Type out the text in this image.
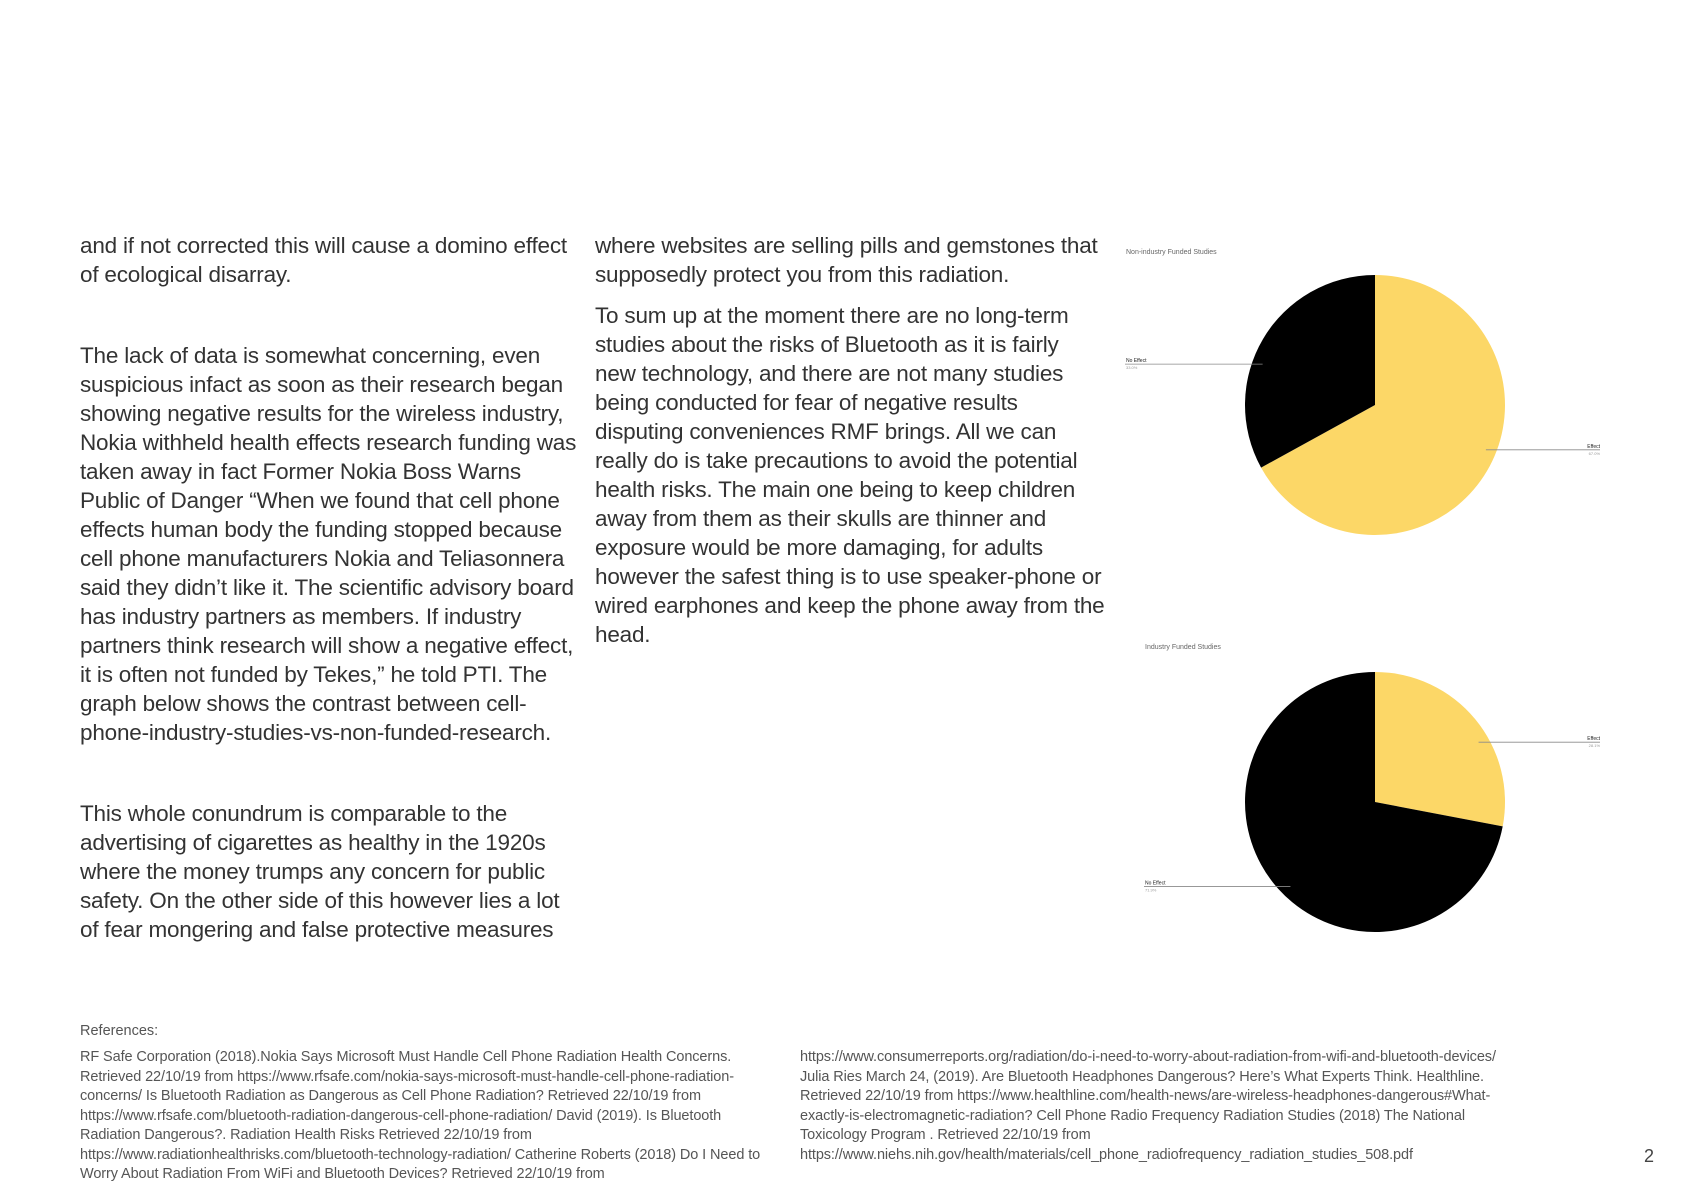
and if not corrected this will cause a domino effect of ecological disarray.

The lack of data is somewhat concerning, even suspicious infact as soon as their research began showing negative results for the wireless industry, Nokia withheld health effects research funding was taken away in fact Former Nokia Boss Warns Public of Danger “When we found that cell phone effects human body the funding stopped because cell phone manufacturers Nokia and Teliasonnera said they didn’t like it. The scientific advisory board has industry partners as members. If industry partners think research will show a negative effect, it is often not funded by Tekes,” he told PTI. The graph below shows the contrast between cell-phone-industry-studies-vs-non-funded-research.

This whole conundrum is comparable to the advertising of cigarettes as healthy in the 1920s where the money trumps any concern for public safety. On the other side of this however lies a lot of fear mongering and false protective measures

where websites are selling pills and gemstones that supposedly protect you from this radiation.

To sum up at the moment there are no long-term studies about the risks of Bluetooth as it is fairly new technology, and there are not many studies being conducted for fear of negative results disputing conveniences RMF brings. All we can really do is take precautions to avoid the potential health risks. The main one being to keep children away from them as their skulls are thinner and exposure would be more damaging, for adults however the safest thing is to use speaker-phone or wired earphones and keep the phone away from the head.

Non-industry Funded Studies
No Effect
33.0%
Effect
67.0%
Industry Funded Studies
No Effect
71.9%
Effect
28.1%
References:

RF Safe Corporation (2018).Nokia Says Microsoft Must Handle Cell Phone Radiation Health Concerns. Retrieved 22/10/19 from https://www.rfsafe.com/nokia-says-microsoft-must-handle-cell-phone-radiation-concerns/ Is Bluetooth Radiation as Dangerous as Cell Phone Radiation? Retrieved 22/10/19 from https://www.rfsafe.com/bluetooth-radiation-dangerous-cell-phone-radiation/ David (2019). Is Bluetooth Radiation Dangerous?. Radiation Health Risks Retrieved 22/10/19 from https://www.radiationhealthrisks.com/bluetooth-technology-radiation/ Catherine Roberts (2018) Do I Need to Worry About Radiation From WiFi and Bluetooth Devices? Retrieved 22/10/19 from

https://www.consumerreports.org/radiation/do-i-need-to-worry-about-radiation-from-wifi-and-bluetooth-devices/ Julia Ries March 24, (2019). Are Bluetooth Headphones Dangerous? Here’s What Experts Think. Healthline. Retrieved 22/10/19 from https://www.healthline.com/health-news/are-wireless-headphones-dangerous#What-exactly-is-electromagnetic-radiation? Cell Phone Radio Frequency Radiation Studies (2018) The National Toxicology Program . Retrieved 22/10/19 from https://www.niehs.nih.gov/health/materials/cell_phone_radiofrequency_radiation_studies_508.pdf	2
